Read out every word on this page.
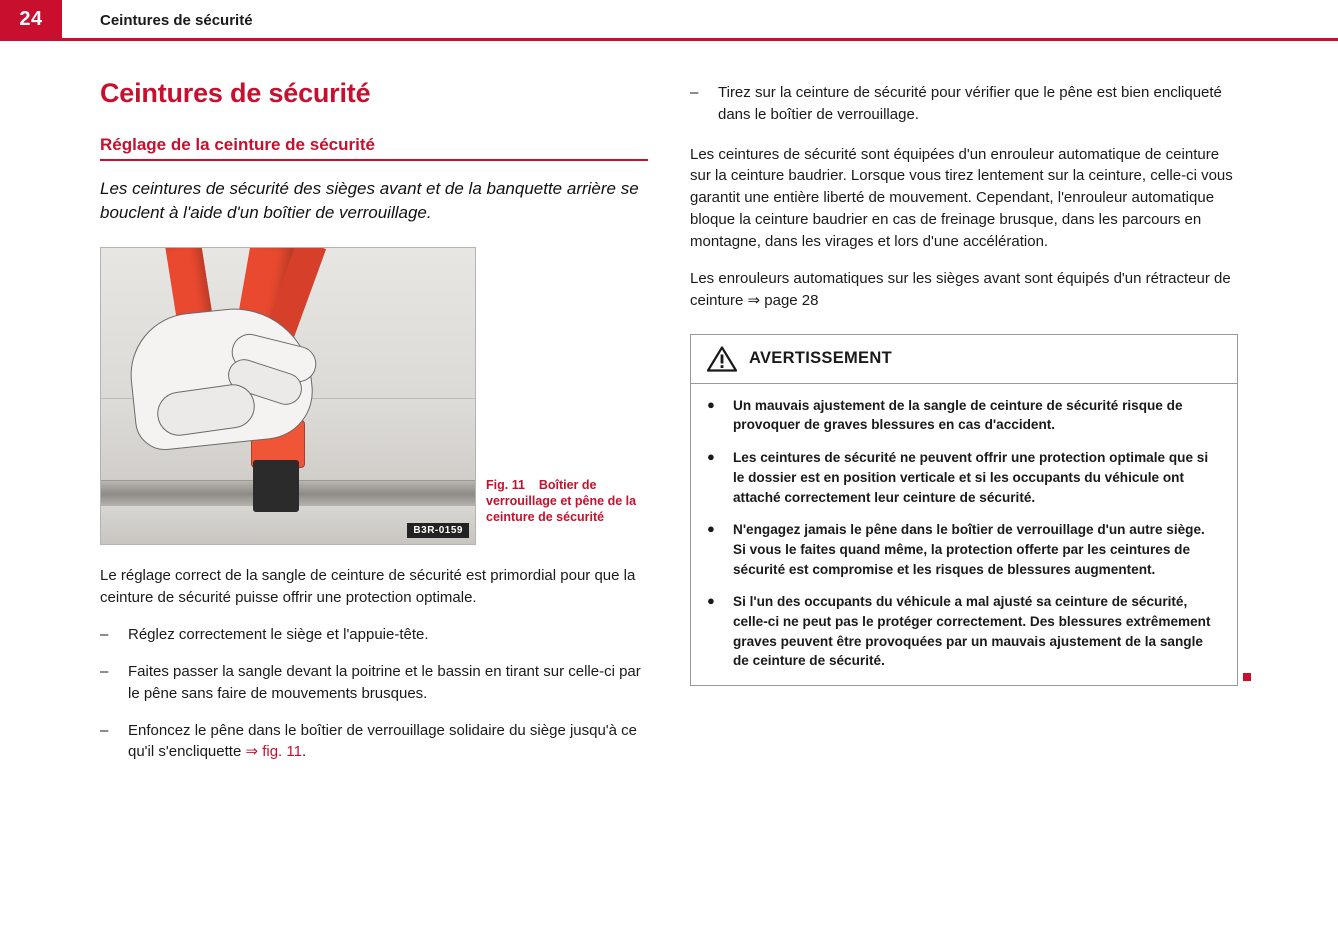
24	Ceintures de sécurité
Ceintures de sécurité
Réglage de la ceinture de sécurité

Les ceintures de sécurité des sièges avant et de la banquette arrière se bouclent à l'aide d'un boîtier de verrouillage.

B3R-0159
Fig. 11 Boîtier de verrouillage et pêne de la ceinture de sécurité

Le réglage correct de la sangle de ceinture de sécurité est primordial pour que la ceinture de sécurité puisse offrir une protection optimale.

–	Réglez correctement le siège et l'appuie-tête.
–	Faites passer la sangle devant la poitrine et le bassin en tirant sur celle-ci par le pêne sans faire de mouvements brusques.
–	Enfoncez le pêne dans le boîtier de verrouillage solidaire du siège jusqu'à ce qu'il s'encliquette ⇒ fig. 11.
–	Tirez sur la ceinture de sécurité pour vérifier que le pêne est bien encliqueté dans le boîtier de verrouillage.

Les ceintures de sécurité sont équipées d'un enrouleur automatique de ceinture sur la ceinture baudrier. Lorsque vous tirez lentement sur la ceinture, celle-ci vous garantit une entière liberté de mouvement. Cependant, l'enrouleur automatique bloque la ceinture baudrier en cas de freinage brusque, dans les parcours en montagne, dans les virages et lors d'une accélération.

Les enrouleurs automatiques sur les sièges avant sont équipés d'un rétracteur de ceinture ⇒ page 28

AVERTISSEMENT
●	Un mauvais ajustement de la sangle de ceinture de sécurité risque de provoquer de graves blessures en cas d'accident.
●	Les ceintures de sécurité ne peuvent offrir une protection optimale que si le dossier est en position verticale et si les occupants du véhicule ont attaché correctement leur ceinture de sécurité.
●	N'engagez jamais le pêne dans le boîtier de verrouillage d'un autre siège. Si vous le faites quand même, la protection offerte par les ceintures de sécurité est compromise et les risques de blessures augmentent.
●	Si l'un des occupants du véhicule a mal ajusté sa ceinture de sécurité, celle-ci ne peut pas le protéger correctement. Des blessures extrêmement graves peuvent être provoquées par un mauvais ajustement de la sangle de ceinture de sécurité.
